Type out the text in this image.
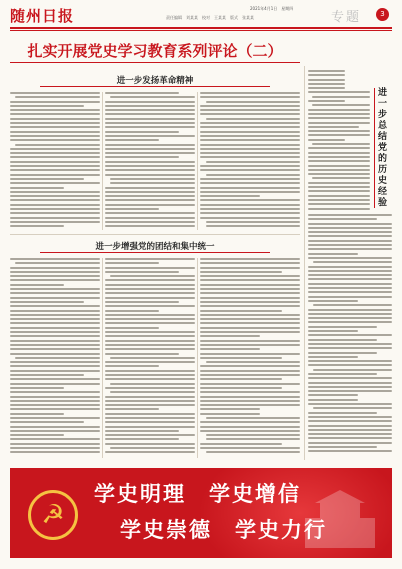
随州日报	2021年4月1日　星期四
责任编辑　刘某某　校对　王某某　版式　张某某	专题	3
扎实开展党史学习教育系列评论（二）
进一步发扬革命精神
进一步增强党的团结和集中统一
进一步总结党的历史经验
☭
学史明理　学史增信
学史崇德　学史力行
